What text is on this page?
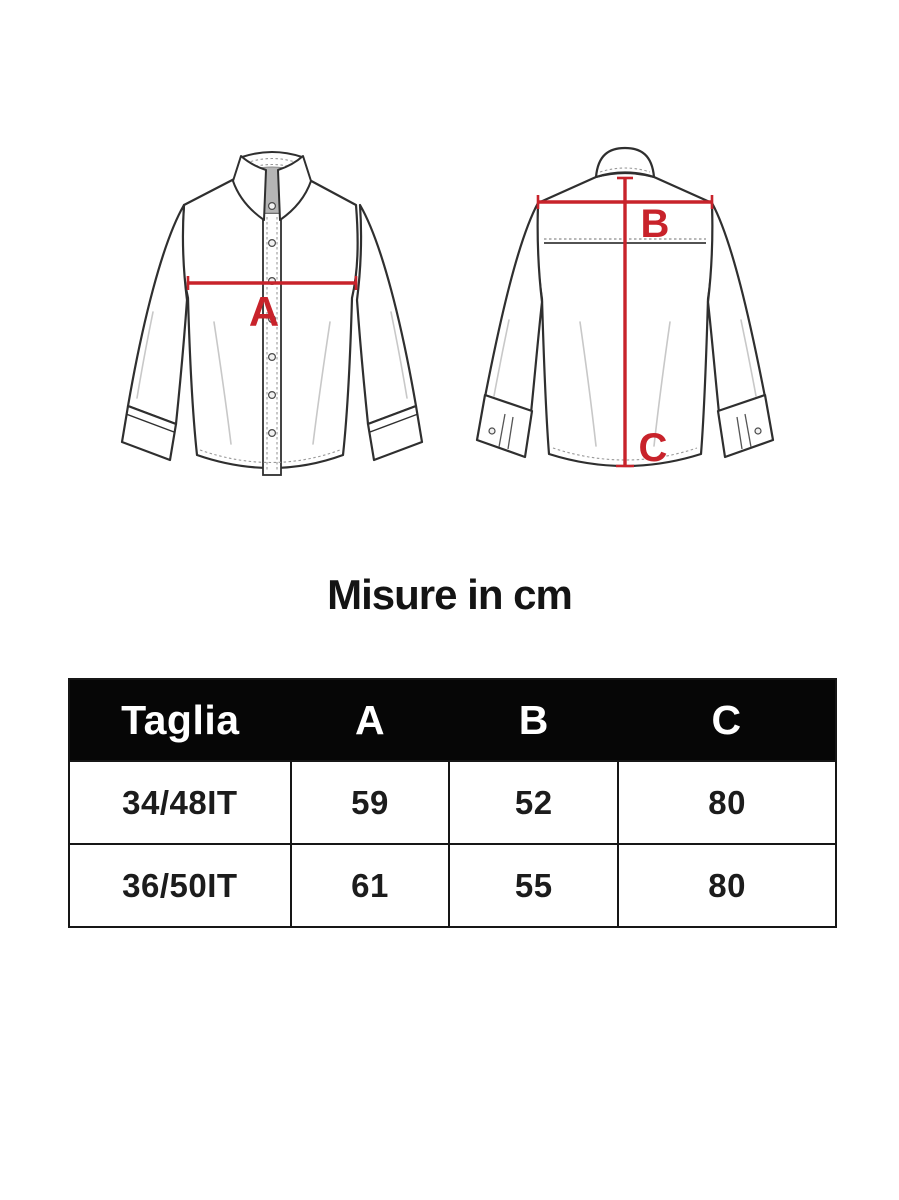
A
B
C
Misure in cm
Taglia	A	B	C
34/48IT	59	52	80
36/50IT	61	55	80
